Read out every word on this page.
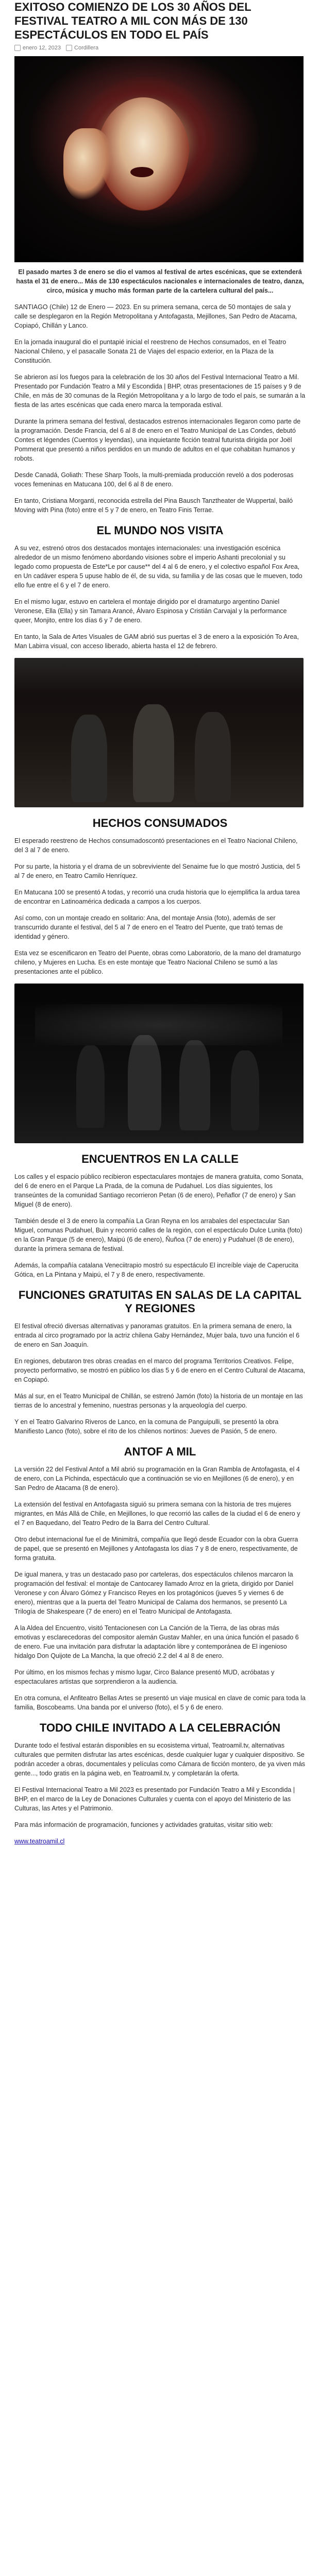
EXITOSO COMIENZO DE LOS 30 AÑOS DEL FESTIVAL TEATRO A MIL CON MÁS DE 130 ESPECTÁCULOS EN TODO EL PAÍS
enero 12, 2023 Cordillera

El pasado martes 3 de enero se dio el vamos al festival de artes escénicas, que se extenderá hasta el 31 de enero... Más de 130 espectáculos nacionales e internacionales de teatro, danza, circo, música y mucho más forman parte de la cartelera cultural del país...

SANTIAGO (Chile) 12 de Enero — 2023. En su primera semana, cerca de 50 montajes de sala y calle se desplegaron en la Región Metropolitana y Antofagasta, Mejillones, San Pedro de Atacama, Copiapó, Chillán y Lanco.

En la jornada inaugural dio el puntapié inicial el reestreno de Hechos consumados, en el Teatro Nacional Chileno, y el pasacalle Sonata 21 de Viajes del espacio exterior, en la Plaza de la Constitución.

Se abrieron así los fuegos para la celebración de los 30 años del Festival Internacional Teatro a Mil. Presentado por Fundación Teatro a Mil y Escondida | BHP, otras presentaciones de 15 países y 9 de Chile, en más de 30 comunas de la Región Metropolitana y a lo largo de todo el país, se sumarán a la fiesta de las artes escénicas que cada enero marca la temporada estival.

Durante la primera semana del festival, destacados estrenos internacionales llegaron como parte de la programación. Desde Francia, del 6 al 8 de enero en el Teatro Municipal de Las Condes, debutó Contes et légendes (Cuentos y leyendas), una inquietante ficción teatral futurista dirigida por Joël Pommerat que presentó a niños perdidos en un mundo de adultos en el que cohabitan humanos y robots.

Desde Canadá, Goliath: These Sharp Tools, la multi-premiada producción reveló a dos poderosas voces femeninas en Matucana 100, del 6 al 8 de enero.

En tanto, Cristiana Morganti, reconocida estrella del Pina Bausch Tanztheater de Wuppertal, bailó Moving with Pina (foto) entre el 5 y 7 de enero, en Teatro Finis Terrae.

EL MUNDO NOS VISITA

A su vez, estrenó otros dos destacados montajes internacionales: una investigación escénica alrededor de un mismo fenómeno abordando visiones sobre el imperio Ashanti precolonial y su legado como propuesta de Este*Le por cause** del 4 al 6 de enero, y el colectivo español Fox Area, en Un cadáver espera 5 upuse hablo de él, de su vida, su familia y de las cosas que le mueven, todo ello fue entre el 6 y el 7 de enero.

En el mismo lugar, estuvo en cartelera el montaje dirigido por el dramaturgo argentino Daniel Veronese, Ella (Ella) y sin Tamara Arancé, Álvaro Espinosa y Cristián Carvajal y la performance queer, Monjito, entre los días 6 y 7 de enero.

En tanto, la Sala de Artes Visuales de GAM abrió sus puertas el 3 de enero a la exposición To Area, Man Labirra visual, con acceso liberado, abierta hasta el 12 de febrero.

HECHOS CONSUMADOS

El esperado reestreno de Hechos consumadoscontó presentaciones en el Teatro Nacional Chileno, del 3 al 7 de enero.

Por su parte, la historia y el drama de un sobreviviente del Senaime fue lo que mostró Justicia, del 5 al 7 de enero, en Teatro Camilo Henríquez.

En Matucana 100 se presentó A todas, y recorrió una cruda historia que lo ejemplifica la ardua tarea de encontrar en Latinoamérica dedicada a campos a los cuerpos.

Así como, con un montaje creado en solitario: Ana, del montaje Ansia (foto), además de ser transcurrido durante el festival, del 5 al 7 de enero en el Teatro del Puente, que trató temas de identidad y género.

Esta vez se escenificaron en Teatro del Puente, obras como Laboratorio, de la mano del dramaturgo chileno, y Mujeres en Lucha. Es en este montaje que Teatro Nacional Chileno se sumó a las presentaciones ante el público.

ENCUENTROS EN LA CALLE

Los calles y el espacio público recibieron espectaculares montajes de manera gratuita, como Sonata, del 6 de enero en el Parque La Prada, de la comuna de Pudahuel. Los días siguientes, los transeúntes de la comunidad Santiago recorrieron Petan (6 de enero), Peñaflor (7 de enero) y San Miguel (8 de enero).

También desde el 3 de enero la compañía La Gran Reyna en los arrabales del espectacular San Miguel, comunas Pudahuel, Buin y recorrió calles de la región, con el espectáculo Dulce Lunita (foto) en la Gran Parque (5 de enero), Maipú (6 de enero), Ñuñoa (7 de enero) y Pudahuel (8 de enero), durante la primera semana de festival.

Además, la compañía catalana Veneciitrapio mostró su espectáculo El increíble viaje de Caperucita Gótica, en La Pintana y Maipú, el 7 y 8 de enero, respectivamente.

FUNCIONES GRATUITAS EN SALAS DE LA CAPITAL Y REGIONES

El festival ofreció diversas alternativas y panoramas gratuitos. En la primera semana de enero, la entrada al circo programado por la actriz chilena Gaby Hernández, Mujer bala, tuvo una función el 6 de enero en San Joaquín.

En regiones, debutaron tres obras creadas en el marco del programa Territorios Creativos. Felipe, proyecto performativo, se mostró en público los días 5 y 6 de enero en el Centro Cultural de Atacama, en Copiapó.

Más al sur, en el Teatro Municipal de Chillán, se estrenó Jamón (foto) la historia de un montaje en las tierras de lo ancestral y femenino, nuestras personas y la arqueología del cuerpo.

Y en el Teatro Galvarino Riveros de Lanco, en la comuna de Panguipulli, se presentó la obra Manifiesto Lanco (foto), sobre el rito de los chilenos nortinos: Jueves de Pasión, 5 de enero.

ANTOF A MIL

La versión 22 del Festival Antof a Mil abrió su programación en la Gran Rambla de Antofagasta, el 4 de enero, con La Pichinda, espectáculo que a continuación se vio en Mejillones (6 de enero), y en San Pedro de Atacama (8 de enero).

La extensión del festival en Antofagasta siguió su primera semana con la historia de tres mujeres migrantes, en Más Allá de Chile, en Mejillones, lo que recorrió las calles de la ciudad el 6 de enero y el 7 en Baquedano, del Teatro Pedro de la Barra del Centro Cultural.

Otro debut internacional fue el de Minimitrá, compañía que llegó desde Ecuador con la obra Guerra de papel, que se presentó en Mejillones y Antofagasta los días 7 y 8 de enero, respectivamente, de forma gratuita.

De igual manera, y tras un destacado paso por carteleras, dos espectáculos chilenos marcaron la programación del festival: el montaje de Cantocarey llamado Arroz en la grieta, dirigido por Daniel Veronese y con Álvaro Gómez y Francisco Reyes en los protagónicos (jueves 5 y viernes 6 de enero), mientras que a la puerta del Teatro Municipal de Calama dos hermanos, se presentó La Trilogía de Shakespeare (7 de enero) en el Teatro Municipal de Antofagasta.

A la Aldea del Encuentro, visitó Tentacionesen con La Canción de la Tierra, de las obras más emotivas y esclarecedoras del compositor alemán Gustav Mahler, en una única función el pasado 6 de enero. Fue una invitación para disfrutar la adaptación libre y contemporánea de El ingenioso hidalgo Don Quijote de La Mancha, la que ofreció 2.2 del 4 al 8 de enero.

Por último, en los mismos fechas y mismo lugar, Circo Balance presentó MUD, acróbatas y espectaculares artistas que sorprendieron a la audiencia.

En otra comuna, el Anfiteatro Bellas Artes se presentó un viaje musical en clave de comic para toda la familia, Boscobeams. Una banda por el universo (foto), el 5 y 6 de enero.

TODO CHILE INVITADO A LA CELEBRACIÓN

Durante todo el festival estarán disponibles en su ecosistema virtual, Teatroamil.tv, alternativas culturales que permiten disfrutar las artes escénicas, desde cualquier lugar y cualquier dispositivo. Se podrán acceder a obras, documentales y películas como Cámara de ficción montero, de ya viven más gente..., todo gratis en la página web, en Teatroamil.tv, y completarán la oferta.

El Festival Internacional Teatro a Mil 2023 es presentado por Fundación Teatro a Mil y Escondida | BHP, en el marco de la Ley de Donaciones Culturales y cuenta con el apoyo del Ministerio de las Culturas, las Artes y el Patrimonio.

Para más información de programación, funciones y actividades gratuitas, visitar sitio web:

www.teatroamil.cl
